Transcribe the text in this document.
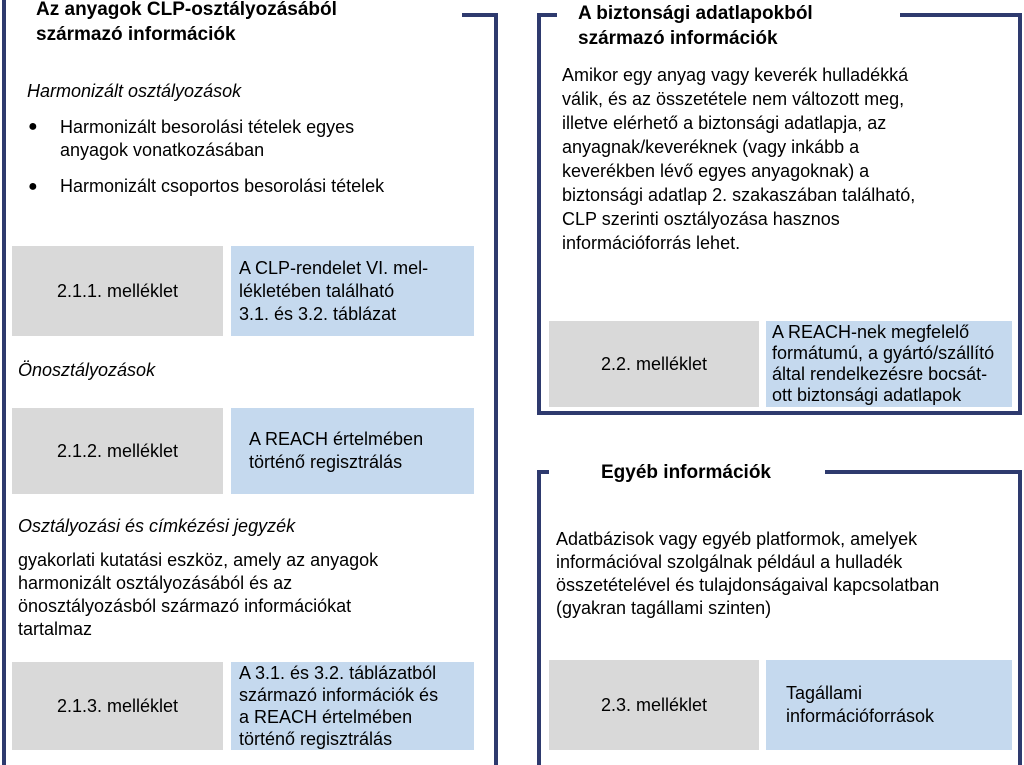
Az anyagok CLP-osztályozásából
származó információk
Harmonizált osztályozások
● Harmonizált besorolási tételek egyes
anyagok vonatkozásában
● Harmonizált csoportos besorolási tételek
2.1.1. melléklet
A CLP-rendelet VI. mel-
lékletében található
3.1. és 3.2. táblázat
Önosztályozások
2.1.2. melléklet
A REACH értelmében
történő regisztrálás
Osztályozási és címkézési jegyzék
gyakorlati kutatási eszköz, amely az anyagok
harmonizált osztályozásából és az
önosztályozásból származó információkat
tartalmaz
2.1.3. melléklet
A 3.1. és 3.2. táblázatból
származó információk és
a REACH értelmében
történő regisztrálás
A biztonsági adatlapokból
származó információk
Amikor egy anyag vagy keverék hulladékká
válik, és az összetétele nem változott meg,
illetve elérhető a biztonsági adatlapja, az
anyagnak/keveréknek (vagy inkább a
keverékben lévő egyes anyagoknak) a
biztonsági adatlap 2. szakaszában található,
CLP szerinti osztályozása hasznos
információforrás lehet.
2.2. melléklet
A REACH-nek megfelelő
formátumú, a gyártó/szállító
által rendelkezésre bocsát-
ott biztonsági adatlapok
Egyéb információk
Adatbázisok vagy egyéb platformok, amelyek
információval szolgálnak például a hulladék
összetételével és tulajdonságaival kapcsolatban
(gyakran tagállami szinten)
2.3. melléklet
Tagállami
információforrások
